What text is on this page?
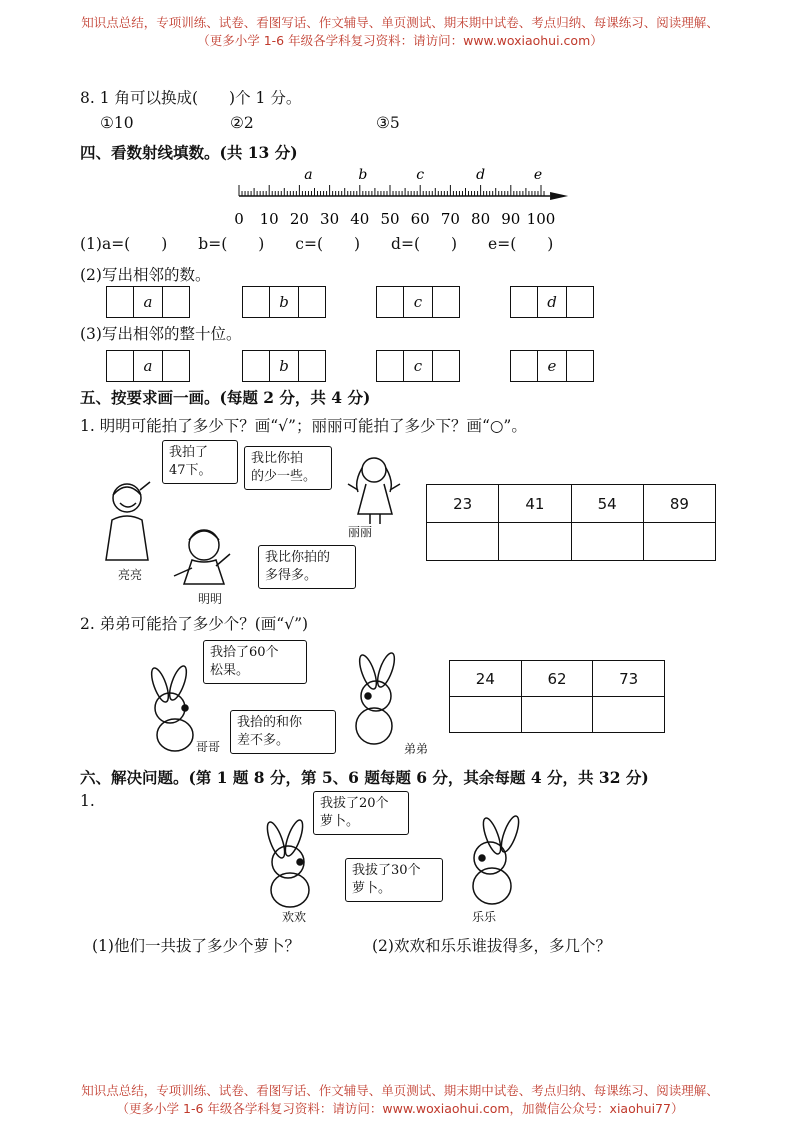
知识点总结，专项训练、试卷、看图写话、作文辅导、单页测试、期末期中试卷、考点归纳、每课练习、阅读理解、
（更多小学 1-6 年级各学科复习资料：请访问：www.woxiaohui.com）
8. 1 角可以换成(　　)个 1 分。
①10	②2	③5
四、看数射线填数。(共 13 分)
0 10 20 30 40 50 60 70 80 90 100
a	b	c	d	e
(1)a=(　　)　　b=(　　)　　c=(　　)　　d=(　　)　　e=(　　)
(2)写出相邻的数。
a	b	c	d
(3)写出相邻的整十位。
a	b	c	e
五、按要求画一画。(每题 2 分，共 4 分)
1. 明明可能拍了多少下？画“√”；丽丽可能拍了多少下？画“○”。
我拍了
47下。
我比你拍
的少一些。
我比你拍的
多得多。
亮亮
丽丽
明明
23	41	54	89

2. 弟弟可能拾了多少个？(画“√”)
我拾了60个
松果。
我拾的和你
差不多。
哥哥	弟弟
24	62	73

六、解决问题。(第 1 题 8 分，第 5、6 题每题 6 分，其余每题 4 分，共 32 分)
1.	我拔了20个
萝卜。
我拔了30个
萝卜。
欢欢	乐乐
(1)他们一共拔了多少个萝卜？	(2)欢欢和乐乐谁拔得多，多几个？
知识点总结，专项训练、试卷、看图写话、作文辅导、单页测试、期末期中试卷、考点归纳、每课练习、阅读理解、
（更多小学 1-6 年级各学科复习资料：请访问：www.woxiaohui.com，加微信公众号：xiaohui77）
